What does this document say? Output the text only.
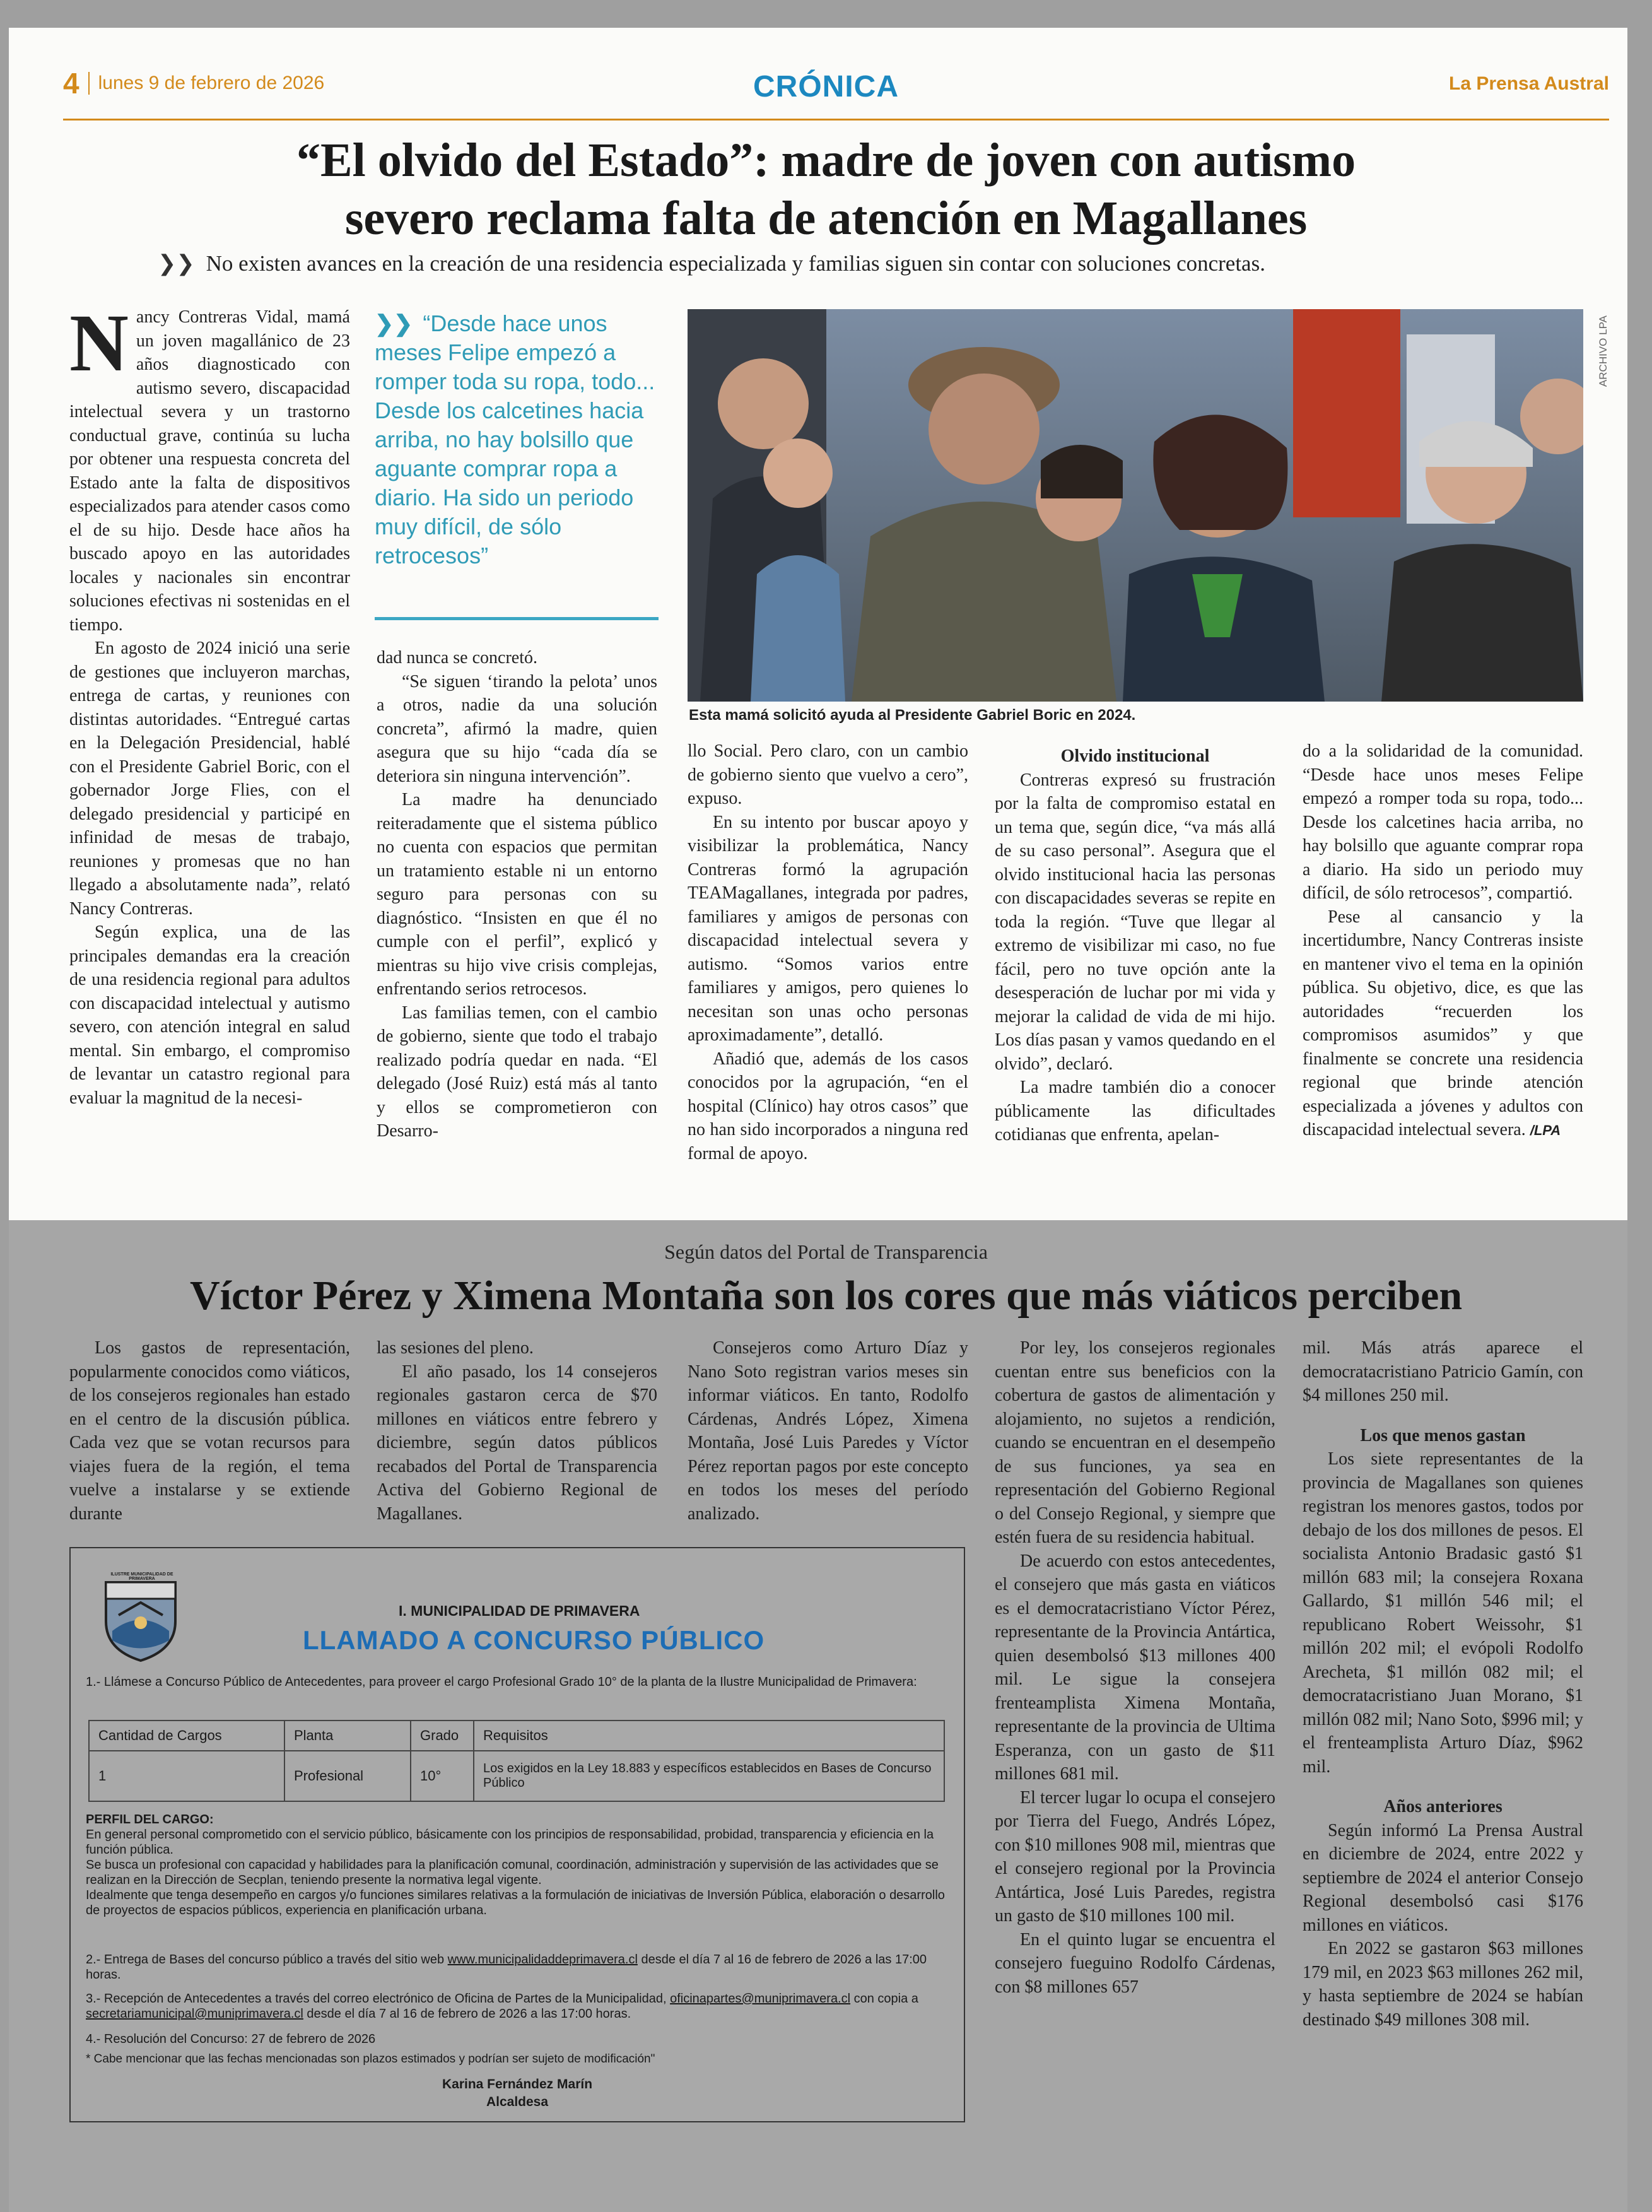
4 lunes 9 de febrero de 2026	CRÓNICA	La Prensa Austral
“El olvido del Estado”: madre de joven con autismo
severo reclama falta de atención en Magallanes
❯❯ No existen avances en la creación de una residencia especializada y familias siguen sin contar con soluciones concretas.

Nancy Contreras Vidal, mamá un joven magallánico de 23 años diagnosticado con autismo severo, discapacidad intelectual severa y un trastorno conductual grave, continúa su lucha por obtener una respuesta concreta del Estado ante la falta de dispositivos especializados para atender casos como el de su hijo. Desde hace años ha buscado apoyo en las autoridades locales y nacionales sin encontrar soluciones efectivas ni sostenidas en el tiempo.

En agosto de 2024 inició una serie de gestiones que incluyeron marchas, entrega de cartas, y reuniones con distintas autoridades. “Entregué cartas en la Delegación Presidencial, hablé con el Presidente Gabriel Boric, con el gobernador Jorge Flies, con el delegado presidencial y participé en infinidad de mesas de trabajo, reuniones y promesas que no han llegado a absolutamente nada”, relató Nancy Contreras.

Según explica, una de las principales demandas era la creación de una residencia regional para adultos con discapacidad intelectual y autismo severo, con atención integral en salud mental. Sin embargo, el compromiso de levantar un catastro regional para evaluar la magnitud de la necesi-

❯❯ “Desde hace unos meses Felipe empezó a romper toda su ropa, todo... Desde los calcetines hacia arriba, no hay bolsillo que aguante comprar ropa a diario. Ha sido un periodo muy difícil, de sólo retrocesos”

dad nunca se concretó.

“Se siguen ‘tirando la pelota’ unos a otros, nadie da una solución concreta”, afirmó la madre, quien asegura que su hijo “cada día se deteriora sin ninguna intervención”.

La madre ha denunciado reiteradamente que el sistema público no cuenta con espacios que permitan un tratamiento estable ni un entorno seguro para personas con su diagnóstico. “Insisten en que él no cumple con el perfil”, explicó y mientras su hijo vive crisis complejas, enfrentando serios retrocesos.

Las familias temen, con el cambio de gobierno, siente que todo el trabajo realizado podría quedar en nada. “El delegado (José Ruiz) está más al tanto y ellos se comprometieron con Desarro-

ARCHIVO LPA
Esta mamá solicitó ayuda al Presidente Gabriel Boric en 2024.

llo Social. Pero claro, con un cambio de gobierno siento que vuelvo a cero”, expuso.

En su intento por buscar apoyo y visibilizar la problemática, Nancy Contreras formó la agrupación TEAMagallanes, integrada por padres, familiares y amigos de personas con discapacidad intelectual severa y autismo. “Somos varios entre familiares y amigos, pero quienes lo necesitan son unas ocho personas aproximadamente”, detalló.

Añadió que, además de los casos conocidos por la agrupación, “en el hospital (Clínico) hay otros casos” que no han sido incorporados a ninguna red formal de apoyo.

Olvido institucional

Contreras expresó su frustración por la falta de compromiso estatal en un tema que, según dice, “va más allá de su caso personal”. Asegura que el olvido institucional hacia las personas con discapacidades severas se repite en toda la región. “Tuve que llegar al extremo de visibilizar mi caso, no fue fácil, pero no tuve opción ante la desesperación de luchar por mi vida y mejorar la calidad de vida de mi hijo. Los días pasan y vamos quedando en el olvido”, declaró.

La madre también dio a conocer públicamente las dificultades cotidianas que enfrenta, apelan-

do a la solidaridad de la comunidad. “Desde hace unos meses Felipe empezó a romper toda su ropa, todo... Desde los calcetines hacia arriba, no hay bolsillo que aguante comprar ropa a diario. Ha sido un periodo muy difícil, de sólo retrocesos”, compartió.

Pese al cansancio y la incertidumbre, Nancy Contreras insiste en mantener vivo el tema en la opinión pública. Su objetivo, dice, es que las autoridades “recuerden los compromisos asumidos” y que finalmente se concrete una residencia regional que brinde atención especializada a jóvenes y adultos con discapacidad intelectual severa. /LPA

Según datos del Portal de Transparencia
Víctor Pérez y Ximena Montaña son los cores que más viáticos perciben

Los gastos de representación, popularmente conocidos como viáticos, de los consejeros regionales han estado en el centro de la discusión pública. Cada vez que se votan recursos para viajes fuera de la región, el tema vuelve a instalarse y se extiende durante

las sesiones del pleno.

El año pasado, los 14 consejeros regionales gastaron cerca de $70 millones en viáticos entre febrero y diciembre, según datos públicos recabados del Portal de Transparencia Activa del Gobierno Regional de Magallanes.

Consejeros como Arturo Díaz y Nano Soto registran varios meses sin informar viáticos. En tanto, Rodolfo Cárdenas, Andrés López, Ximena Montaña, José Luis Paredes y Víctor Pérez reportan pagos por este concepto en todos los meses del período analizado.

Por ley, los consejeros regionales cuentan entre sus beneficios con la cobertura de gastos de alimentación y alojamiento, no sujetos a rendición, cuando se encuentran en el desempeño de sus funciones, ya sea en representación del Gobierno Regional o del Consejo Regional, y siempre que estén fuera de su residencia habitual.

De acuerdo con estos antecedentes, el consejero que más gasta en viáticos es el democratacristiano Víctor Pérez, representante de la Provincia Antártica, quien desembolsó $13 millones 400 mil. Le sigue la consejera frenteamplista Ximena Montaña, representante de la provincia de Ultima Esperanza, con un gasto de $11 millones 681 mil.

El tercer lugar lo ocupa el consejero por Tierra del Fuego, Andrés López, con $10 millones 908 mil, mientras que el consejero regional por la Provincia Antártica, José Luis Paredes, registra un gasto de $10 millones 100 mil.

En el quinto lugar se encuentra el consejero fueguino Rodolfo Cárdenas, con $8 millones 657

mil. Más atrás aparece el democratacristiano Patricio Gamín, con $4 millones 250 mil.

Los que menos gastan

Los siete representantes de la provincia de Magallanes son quienes registran los menores gastos, todos por debajo de los dos millones de pesos. El socialista Antonio Bradasic gastó $1 millón 683 mil; la consejera Roxana Gallardo, $1 millón 546 mil; el republicano Robert Weissohr, $1 millón 202 mil; el evópoli Rodolfo Arecheta, $1 millón 082 mil; el democratacristiano Juan Morano, $1 millón 082 mil; Nano Soto, $996 mil; y el frenteamplista Arturo Díaz, $962 mil.

Años anteriores

Según informó La Prensa Austral en diciembre de 2024, entre 2022 y septiembre de 2024 el anterior Consejo Regional desembolsó casi $176 millones en viáticos.

En 2022 se gastaron $63 millones 179 mil, en 2023 $63 millones 262 mil, y hasta septiembre de 2024 se habían destinado $49 millones 308 mil.

ILUSTRE MUNICIPALIDAD DE PRIMAVERA
I. MUNICIPALIDAD DE PRIMAVERA
LLAMADO A CONCURSO PÚBLICO
1.- Llámese a Concurso Público de Antecedentes, para proveer el cargo Profesional Grado 10° de la planta de la Ilustre Municipalidad de Primavera:
Cantidad de Cargos	Planta	Grado	Requisitos
1	Profesional	10°	Los exigidos en la Ley 18.883 y específicos establecidos en Bases de Concurso Público
PERFIL DEL CARGO:
En general personal comprometido con el servicio público, básicamente con los principios de responsabilidad, probidad, transparencia y eficiencia en la función pública.
Se busca un profesional con capacidad y habilidades para la planificación comunal, coordinación, administración y supervisión de las actividades que se realizan en la Dirección de Secplan, teniendo presente la normativa legal vigente.
Idealmente que tenga desempeño en cargos y/o funciones similares relativas a la formulación de iniciativas de Inversión Pública, elaboración o desarrollo de proyectos de espacios públicos, experiencia en planificación urbana.
2.- Entrega de Bases del concurso público a través del sitio web www.municipalidaddeprimavera.cl desde el día 7 al 16 de febrero de 2026 a las 17:00 horas.
3.- Recepción de Antecedentes a través del correo electrónico de Oficina de Partes de la Municipalidad, oficinapartes@muniprimavera.cl con copia a secretariamunicipal@muniprimavera.cl desde el día 7 al 16 de febrero de 2026 a las 17:00 horas.
4.- Resolución del Concurso: 27 de febrero de 2026
* Cabe mencionar que las fechas mencionadas son plazos estimados y podrían ser sujeto de modificación"
Karina Fernández Marín
Alcaldesa
